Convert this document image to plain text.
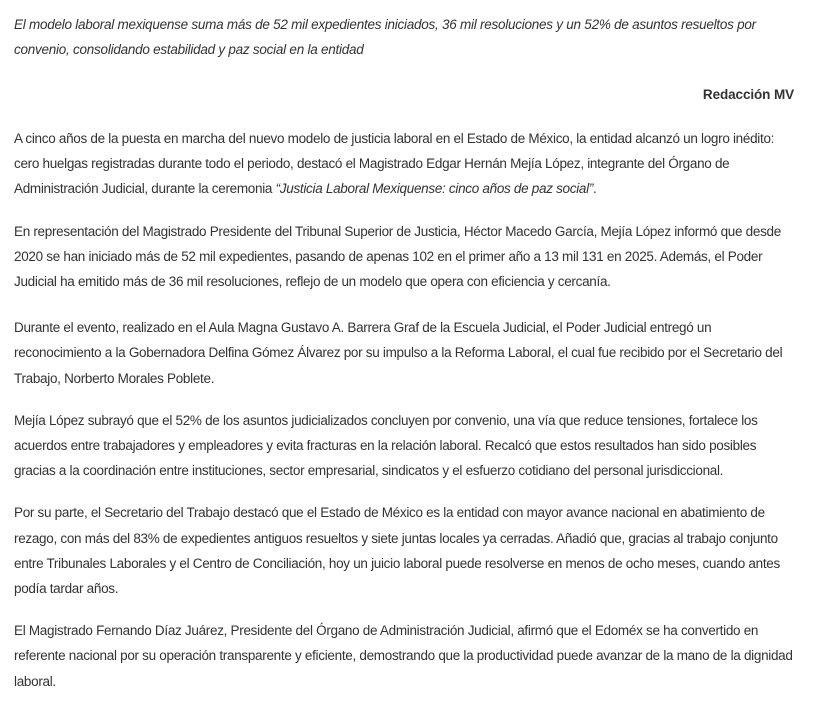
El modelo laboral mexiquense suma más de 52 mil expedientes iniciados, 36 mil resoluciones y un 52% de asuntos resueltos por convenio, consolidando estabilidad y paz social en la entidad

Redacción MV

A cinco años de la puesta en marcha del nuevo modelo de justicia laboral en el Estado de México, la entidad alcanzó un logro inédito: cero huelgas registradas durante todo el periodo, destacó el Magistrado Edgar Hernán Mejía López, integrante del Órgano de Administración Judicial, durante la ceremonia “Justicia Laboral Mexiquense: cinco años de paz social”.

En representación del Magistrado Presidente del Tribunal Superior de Justicia, Héctor Macedo García, Mejía López informó que desde 2020 se han iniciado más de 52 mil expedientes, pasando de apenas 102 en el primer año a 13 mil 131 en 2025. Además, el Poder Judicial ha emitido más de 36 mil resoluciones, reflejo de un modelo que opera con eficiencia y cercanía.

Durante el evento, realizado en el Aula Magna Gustavo A. Barrera Graf de la Escuela Judicial, el Poder Judicial entregó un reconocimiento a la Gobernadora Delfina Gómez Álvarez por su impulso a la Reforma Laboral, el cual fue recibido por el Secretario del Trabajo, Norberto Morales Poblete.

Mejía López subrayó que el 52% de los asuntos judicializados concluyen por convenio, una vía que reduce tensiones, fortalece los acuerdos entre trabajadores y empleadores y evita fracturas en la relación laboral. Recalcó que estos resultados han sido posibles gracias a la coordinación entre instituciones, sector empresarial, sindicatos y el esfuerzo cotidiano del personal jurisdiccional.

Por su parte, el Secretario del Trabajo destacó que el Estado de México es la entidad con mayor avance nacional en abatimiento de rezago, con más del 83% de expedientes antiguos resueltos y siete juntas locales ya cerradas. Añadió que, gracias al trabajo conjunto entre Tribunales Laborales y el Centro de Conciliación, hoy un juicio laboral puede resolverse en menos de ocho meses, cuando antes podía tardar años.

El Magistrado Fernando Díaz Juárez, Presidente del Órgano de Administración Judicial, afirmó que el Edoméx se ha convertido en referente nacional por su operación transparente y eficiente, demostrando que la productividad puede avanzar de la mano de la dignidad laboral.
